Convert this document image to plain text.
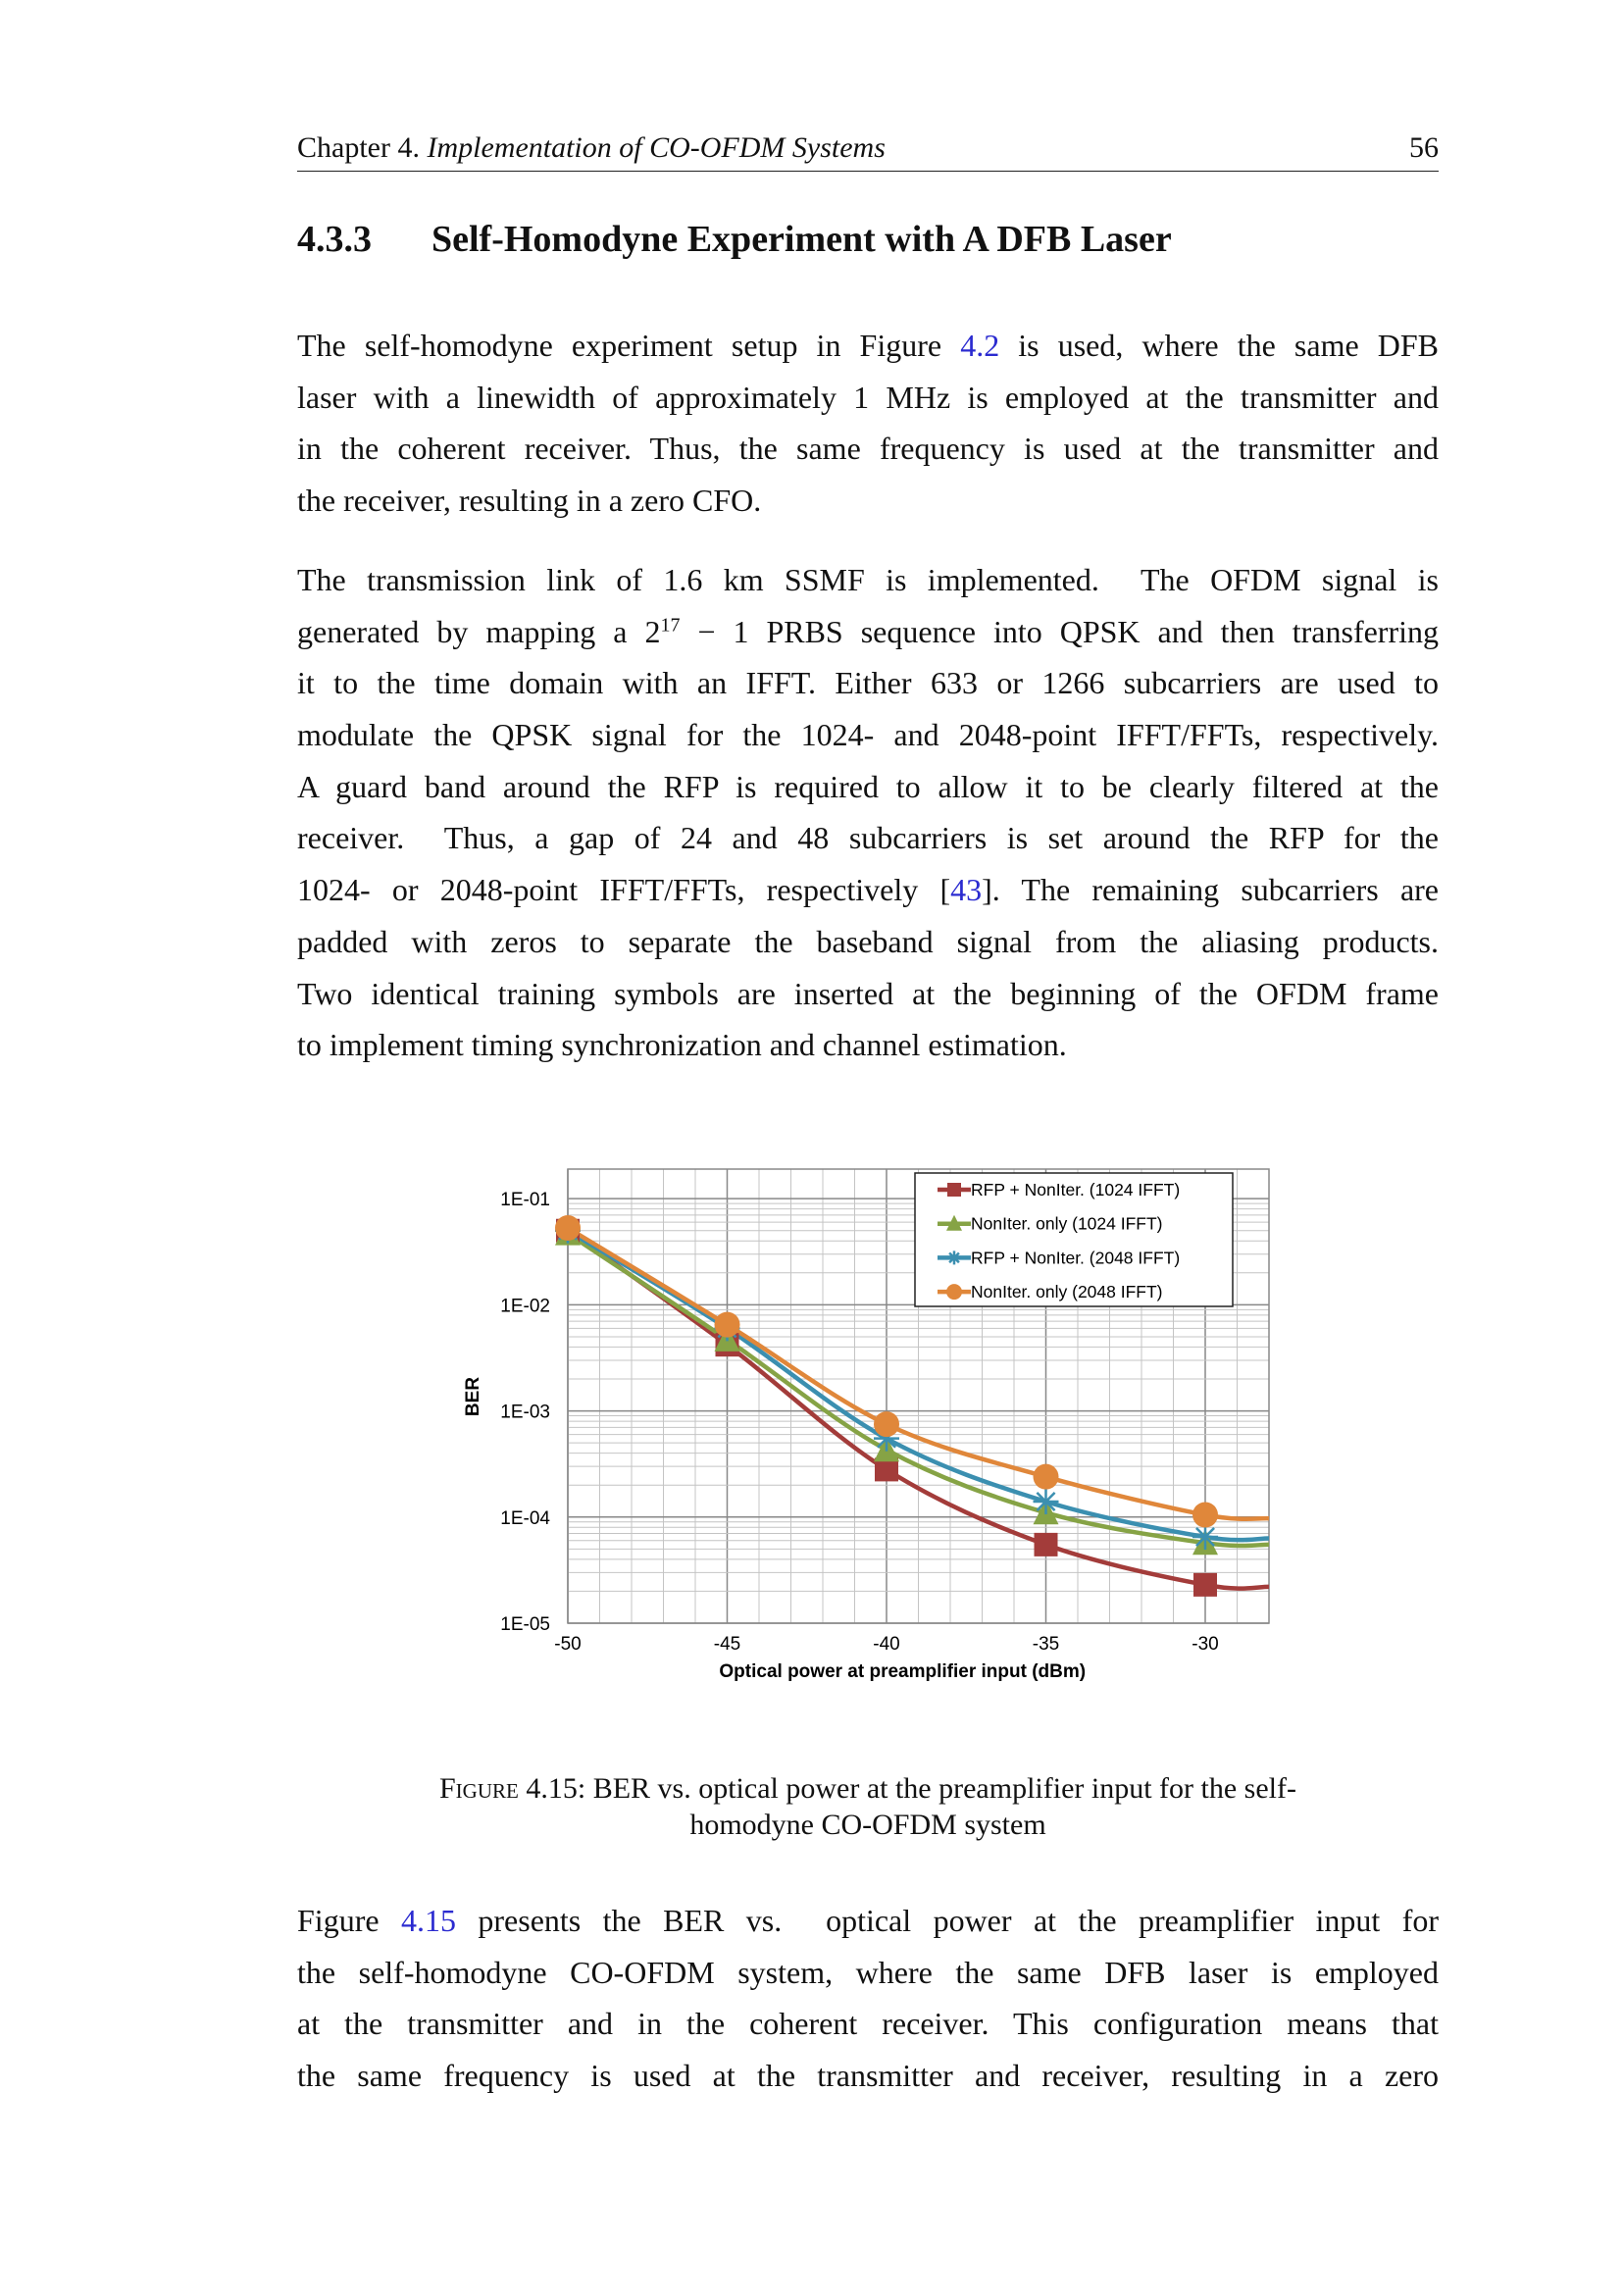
Chapter 4. Implementation of CO-OFDM Systems	56
4.3.3 Self-Homodyne Experiment with A DFB Laser
The self-homodyne experiment setup in Figure 4.2 is used, where the same DFB
laser with a linewidth of approximately 1 MHz is employed at the transmitter and
in the coherent receiver. Thus, the same frequency is used at the transmitter and
the receiver, resulting in a zero CFO.
The transmission link of 1.6 km SSMF is implemented.  The OFDM signal is
generated by mapping a $2^{17} - 1$ PRBS sequence into QPSK and then transferring
it to the time domain with an IFFT. Either 633 or 1266 subcarriers are used to
modulate the QPSK signal for the 1024- and 2048-point IFFT/FFTs, respectively.
A guard band around the RFP is required to allow it to be clearly filtered at the
receiver.  Thus, a gap of 24 and 48 subcarriers is set around the RFP for the
1024- or 2048-point IFFT/FFTs, respectively [43]. The remaining subcarriers are
padded with zeros to separate the baseband signal from the aliasing products.
Two identical training symbols are inserted at the beginning of the OFDM frame
to implement timing synchronization and channel estimation.
1E-01
1E-02
1E-03
1E-04
1E-05
-50	-45	-40	-35	-30
Optical power at preamplifier input (dBm)
BER
RFP + NonIter. (1024 IFFT)
NonIter. only (1024 IFFT)
RFP + NonIter. (2048 IFFT)
NonIter. only (2048 IFFT)
Figure 4.15: BER vs. optical power at the preamplifier input for the self-
homodyne CO-OFDM system
Figure 4.15 presents the BER vs.  optical power at the preamplifier input for
the self-homodyne CO-OFDM system, where the same DFB laser is employed
at the transmitter and in the coherent receiver. This configuration means that
the same frequency is used at the transmitter and receiver, resulting in a zero
